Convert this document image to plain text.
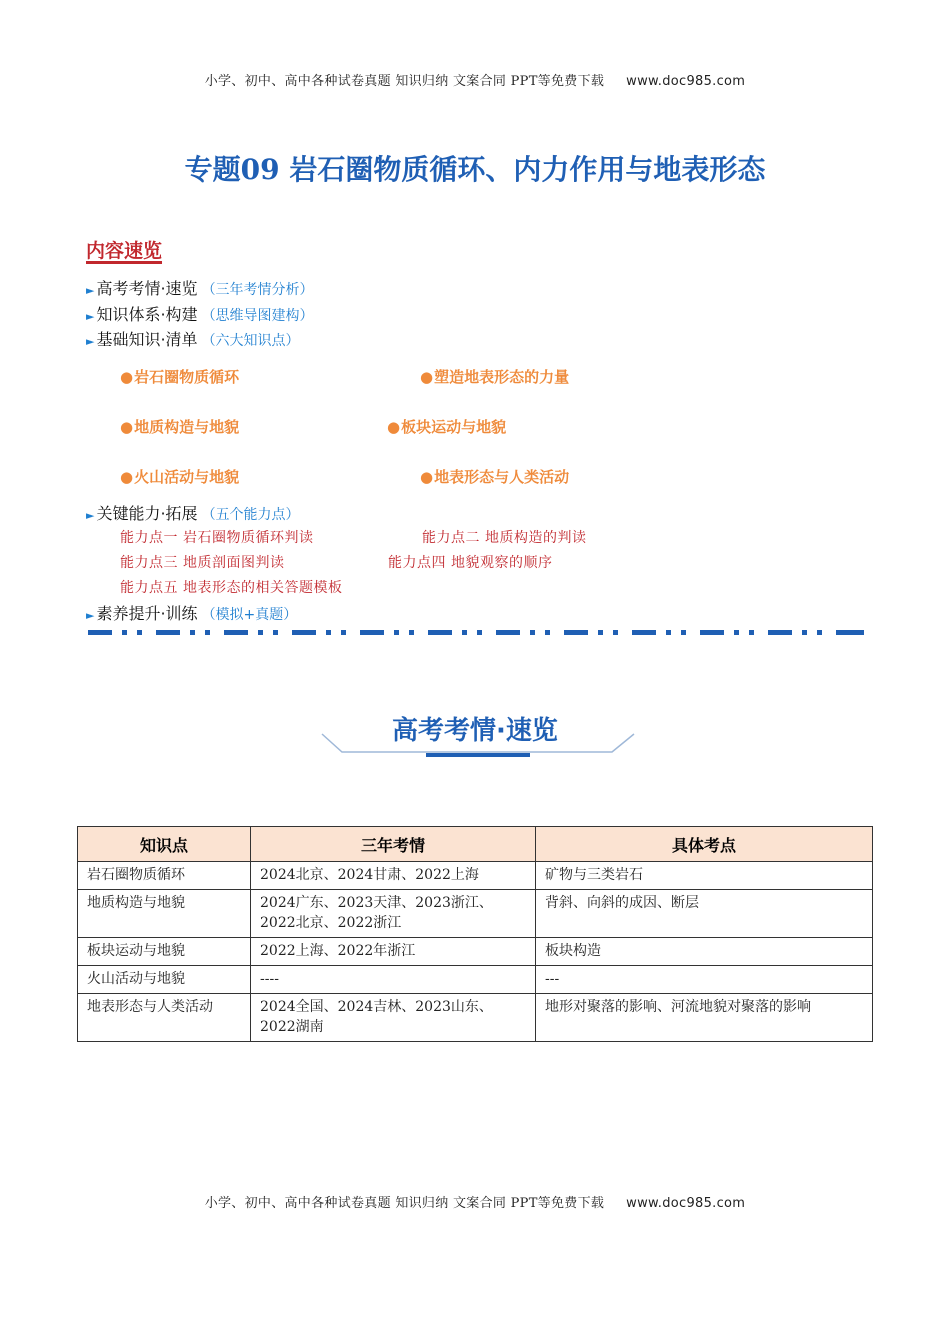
小学、初中、高中各种试卷真题 知识归纳 文案合同 PPT等免费下载 www.doc985.com
专题09 岩石圈物质循环、内力作用与地表形态
内容速览
► 高考考情·速览 （三年考情分析）
► 知识体系·构建 （思维导图建构）
► 基础知识·清单 （六大知识点）
●岩石圈物质循环	●塑造地表形态的力量
●地质构造与地貌	●板块运动与地貌
●火山活动与地貌	●地表形态与人类活动
► 关键能力·拓展 （五个能力点）
能力点一 岩石圈物质循环判读	能力点二 地质构造的判读
能力点三 地质剖面图判读	能力点四 地貌观察的顺序
能力点五 地表形态的相关答题模板
► 素养提升·训练 （模拟+真题）
高考考情·速览
知识点	三年考情	具体考点
岩石圈物质循环	2024北京、2024甘肃、2022上海	矿物与三类岩石
地质构造与地貌	2024广东、2023天津、2023浙江、2022北京、2022浙江	背斜、向斜的成因、断层
板块运动与地貌	2022上海、2022年浙江	板块构造
火山活动与地貌	----	---
地表形态与人类活动	2024全国、2024吉林、2023山东、2022湖南	地形对聚落的影响、河流地貌对聚落的影响
小学、初中、高中各种试卷真题 知识归纳 文案合同 PPT等免费下载 www.doc985.com
